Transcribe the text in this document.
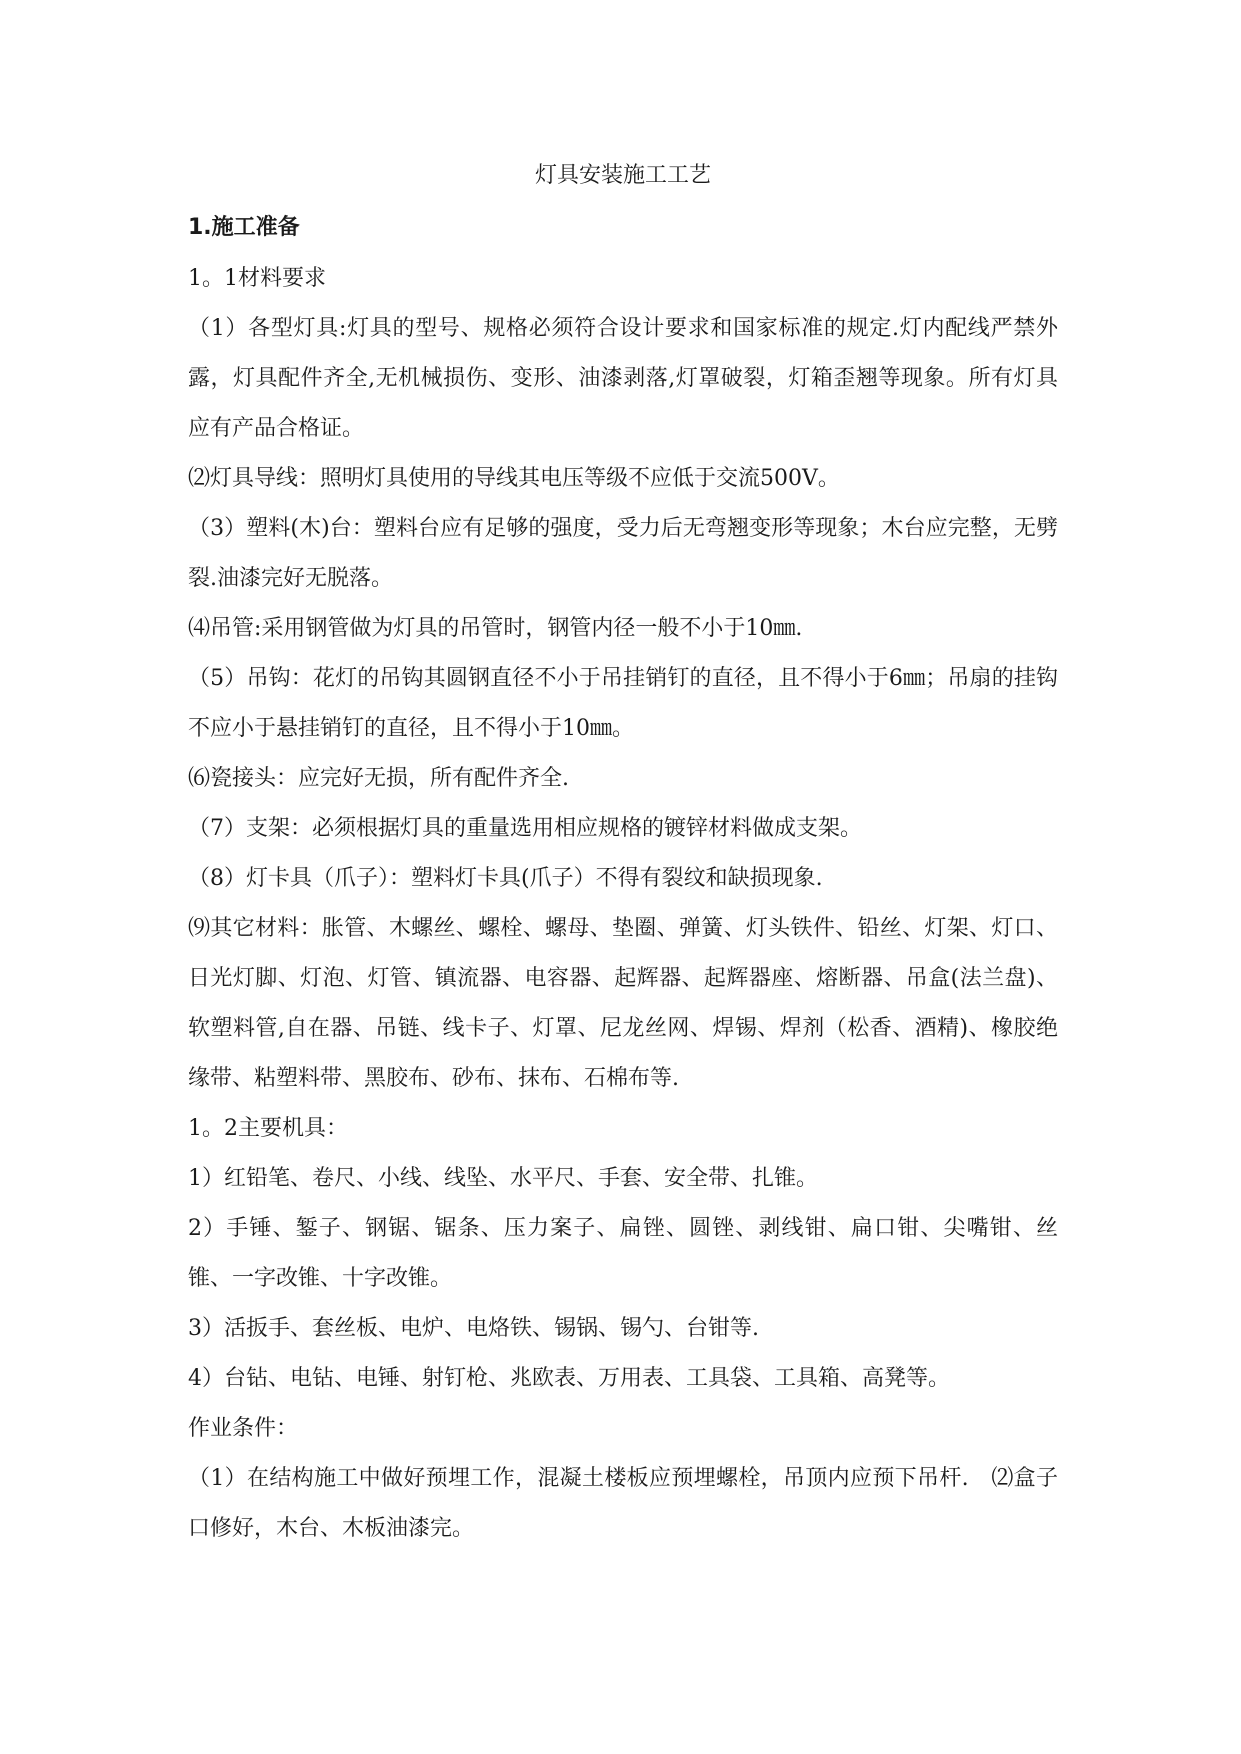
灯具安装施工工艺
1.施工准备
1。1材料要求

（1）各型灯具:灯具的型号、规格必须符合设计要求和国家标准的规定.灯内配线严禁外露，灯具配件齐全,无机械损伤、变形、油漆剥落,灯罩破裂，灯箱歪翘等现象。所有灯具应有产品合格证。

⑵灯具导线：照明灯具使用的导线其电压等级不应低于交流500V。

（3）塑料(木)台：塑料台应有足够的强度，受力后无弯翘变形等现象；木台应完整，无劈裂.油漆完好无脱落。

⑷吊管:采用钢管做为灯具的吊管时，钢管内径一般不小于10㎜.

（5）吊钩：花灯的吊钩其圆钢直径不小于吊挂销钉的直径，且不得小于6㎜；吊扇的挂钩不应小于悬挂销钉的直径，且不得小于10㎜。

⑹瓷接头：应完好无损，所有配件齐全.

（7）支架：必须根据灯具的重量选用相应规格的镀锌材料做成支架。

（8）灯卡具（爪子）：塑料灯卡具(爪子）不得有裂纹和缺损现象.

⑼其它材料：胀管、木螺丝、螺栓、螺母、垫圈、弹簧、灯头铁件、铅丝、灯架、灯口、日光灯脚、灯泡、灯管、镇流器、电容器、起辉器、起辉器座、熔断器、吊盒(法兰盘)、软塑料管,自在器、吊链、线卡子、灯罩、尼龙丝网、焊锡、焊剂（松香、酒精)、橡胶绝缘带、粘塑料带、黑胶布、砂布、抹布、石棉布等.

1。2主要机具：

1）红铅笔、卷尺、小线、线坠、水平尺、手套、安全带、扎锥。

2）手锤、錾子、钢锯、锯条、压力案子、扁锉、圆锉、剥线钳、扁口钳、尖嘴钳、丝锥、一字改锥、十字改锥。

3）活扳手、套丝板、电炉、电烙铁、锡锅、锡勺、台钳等.

4）台钻、电钻、电锤、射钉枪、兆欧表、万用表、工具袋、工具箱、高凳等。

作业条件：

（1）在结构施工中做好预埋工作，混凝土楼板应预埋螺栓，吊顶内应预下吊杆.　⑵盒子口修好，木台、木板油漆完。
